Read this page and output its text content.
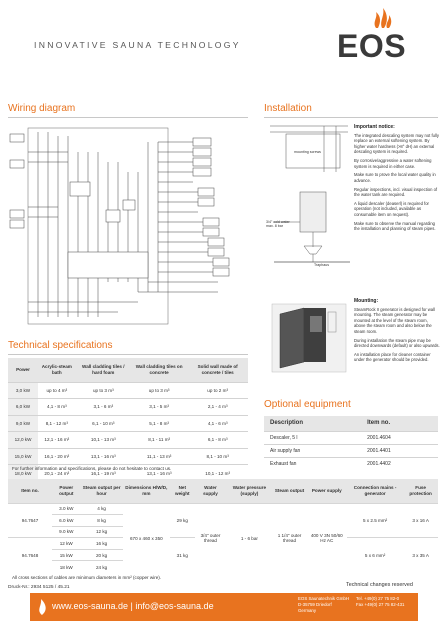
INNOVATIVE SAUNA TECHNOLOGY	EOS
Wiring diagram	Installation
mounting screws
3/4" cold water max. 8 bar
Traphaus
Important notice:

The integrated descaling system may not fully replace an external softening system. By higher water hardness (>8° dH) an external descaling system is required.

By corrosive/aggressive a water softening system is required in either case.

Make sure to prove the local water quality in advance.

Regular inspections, incl. visual inspection of the water tank are required.

A liquid descaler (deaserl) is required for operation (not included, available as consumable item on request).

Make sure to observe the manual regarding the installation and planning of steam pipes.

Mounting:

SteamRock II generator is designed for wall mounting. The steam generator may be mounted at the level of the steam room, above the steam room and also below the steam room.

During installation the steam pipe may be directed downwards (default) or also upwards.

An installation place for cleaner container under the generator should be provided.

Technical specifications
Power	Acrylic-steam bath	Wall cladding tiles / hard foam	Wall cladding tiles on concrete	Solid wall made of concrete / tiles
3,0 kW	up to 4 m³	up to 3 m³	up to 3 m³	up to 2 m³
6,0 kW	4,1 - 8 m³	3,1 - 6 m³	3,1 - 5 m³	2,1 - 4 m³
9,0 kW	8,1 - 12 m³	6,1 - 10 m³	5,1 - 8 m³	4,1 - 6 m³
12,0 kW	12,1 - 16 m³	10,1 - 13 m³	8,1 - 11 m³	6,1 - 8 m³
15,0 kW	16,1 - 20 m³	13,1 - 16 m³	11,1 - 13 m³	8,1 - 10 m³
18,0 kW	20,1 - 24 m³	16,1 - 19 m³	13,1 - 16 m³	10,1 - 12 m³
For further information and specifications, please do not hesitate to contact us.
Optional equipment
Description	Item no.
Descaler, 5 l	2001.4604
Air supply fan	2001.4401
Exhaust fan	2001.4402
Item no.	Power output	Steam output per hour	Dimensions H/W/D, mm	Net weight	Water supply	Water pressure (supply)	Steam output	Power supply	Connection mains - generator	Fuse protection
94.7647	3.0 kW	4 kg	670 x 460 x 350	29 kg	3/4" outer thread	1 - 6 bar	1 1/4" outer thread	400 V 3N 50/60 Hz AC	5 x 2.5 mm²	3 x 16 A
	6.0 kW	8 kg								
	9.0 kW	12 kg								
94.7648	12 kW	16 kg		31 kg					5 x 6 mm²	3 x 35 A
	15 kW	20 kg								
	18 kW	24 kg								
All cross sections of cables are minimum diameters in mm² (copper wire).
Technical changes reserved
Druck-Nr.: 2934 5125 / 45.21
www.eos-sauna.de | info@eos-sauna.de
EOS Saunatechnik GmbH
D-35759 Driedorf
Germany
Tel. +49(0) 27 75 82-0
Fax +49(0) 27 75 82-431
